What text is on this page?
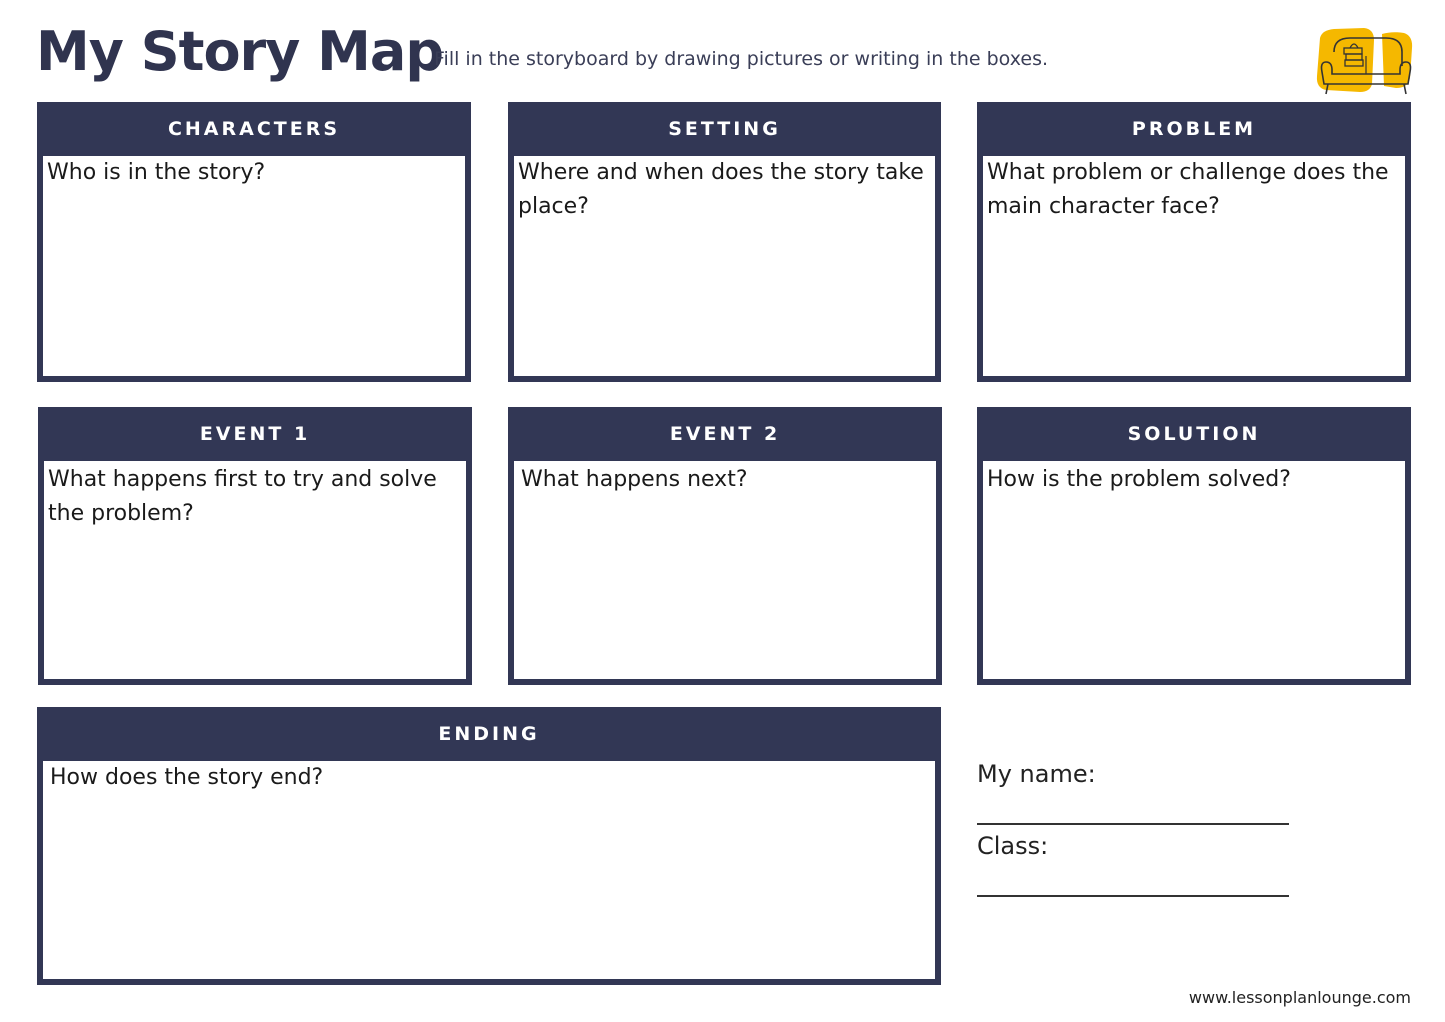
My Story Map
Fill in the storyboard by drawing pictures or writing in the boxes.
CHARACTERS
Who is in the story?
SETTING
Where and when does the story take place?
PROBLEM
What problem or challenge does the main character face?
EVENT 1
What happens first to try and solve the problem?
EVENT 2
What happens next?
SOLUTION
How is the problem solved?
ENDING
How does the story end?	My name:
Class:
www.lessonplanlounge.com
